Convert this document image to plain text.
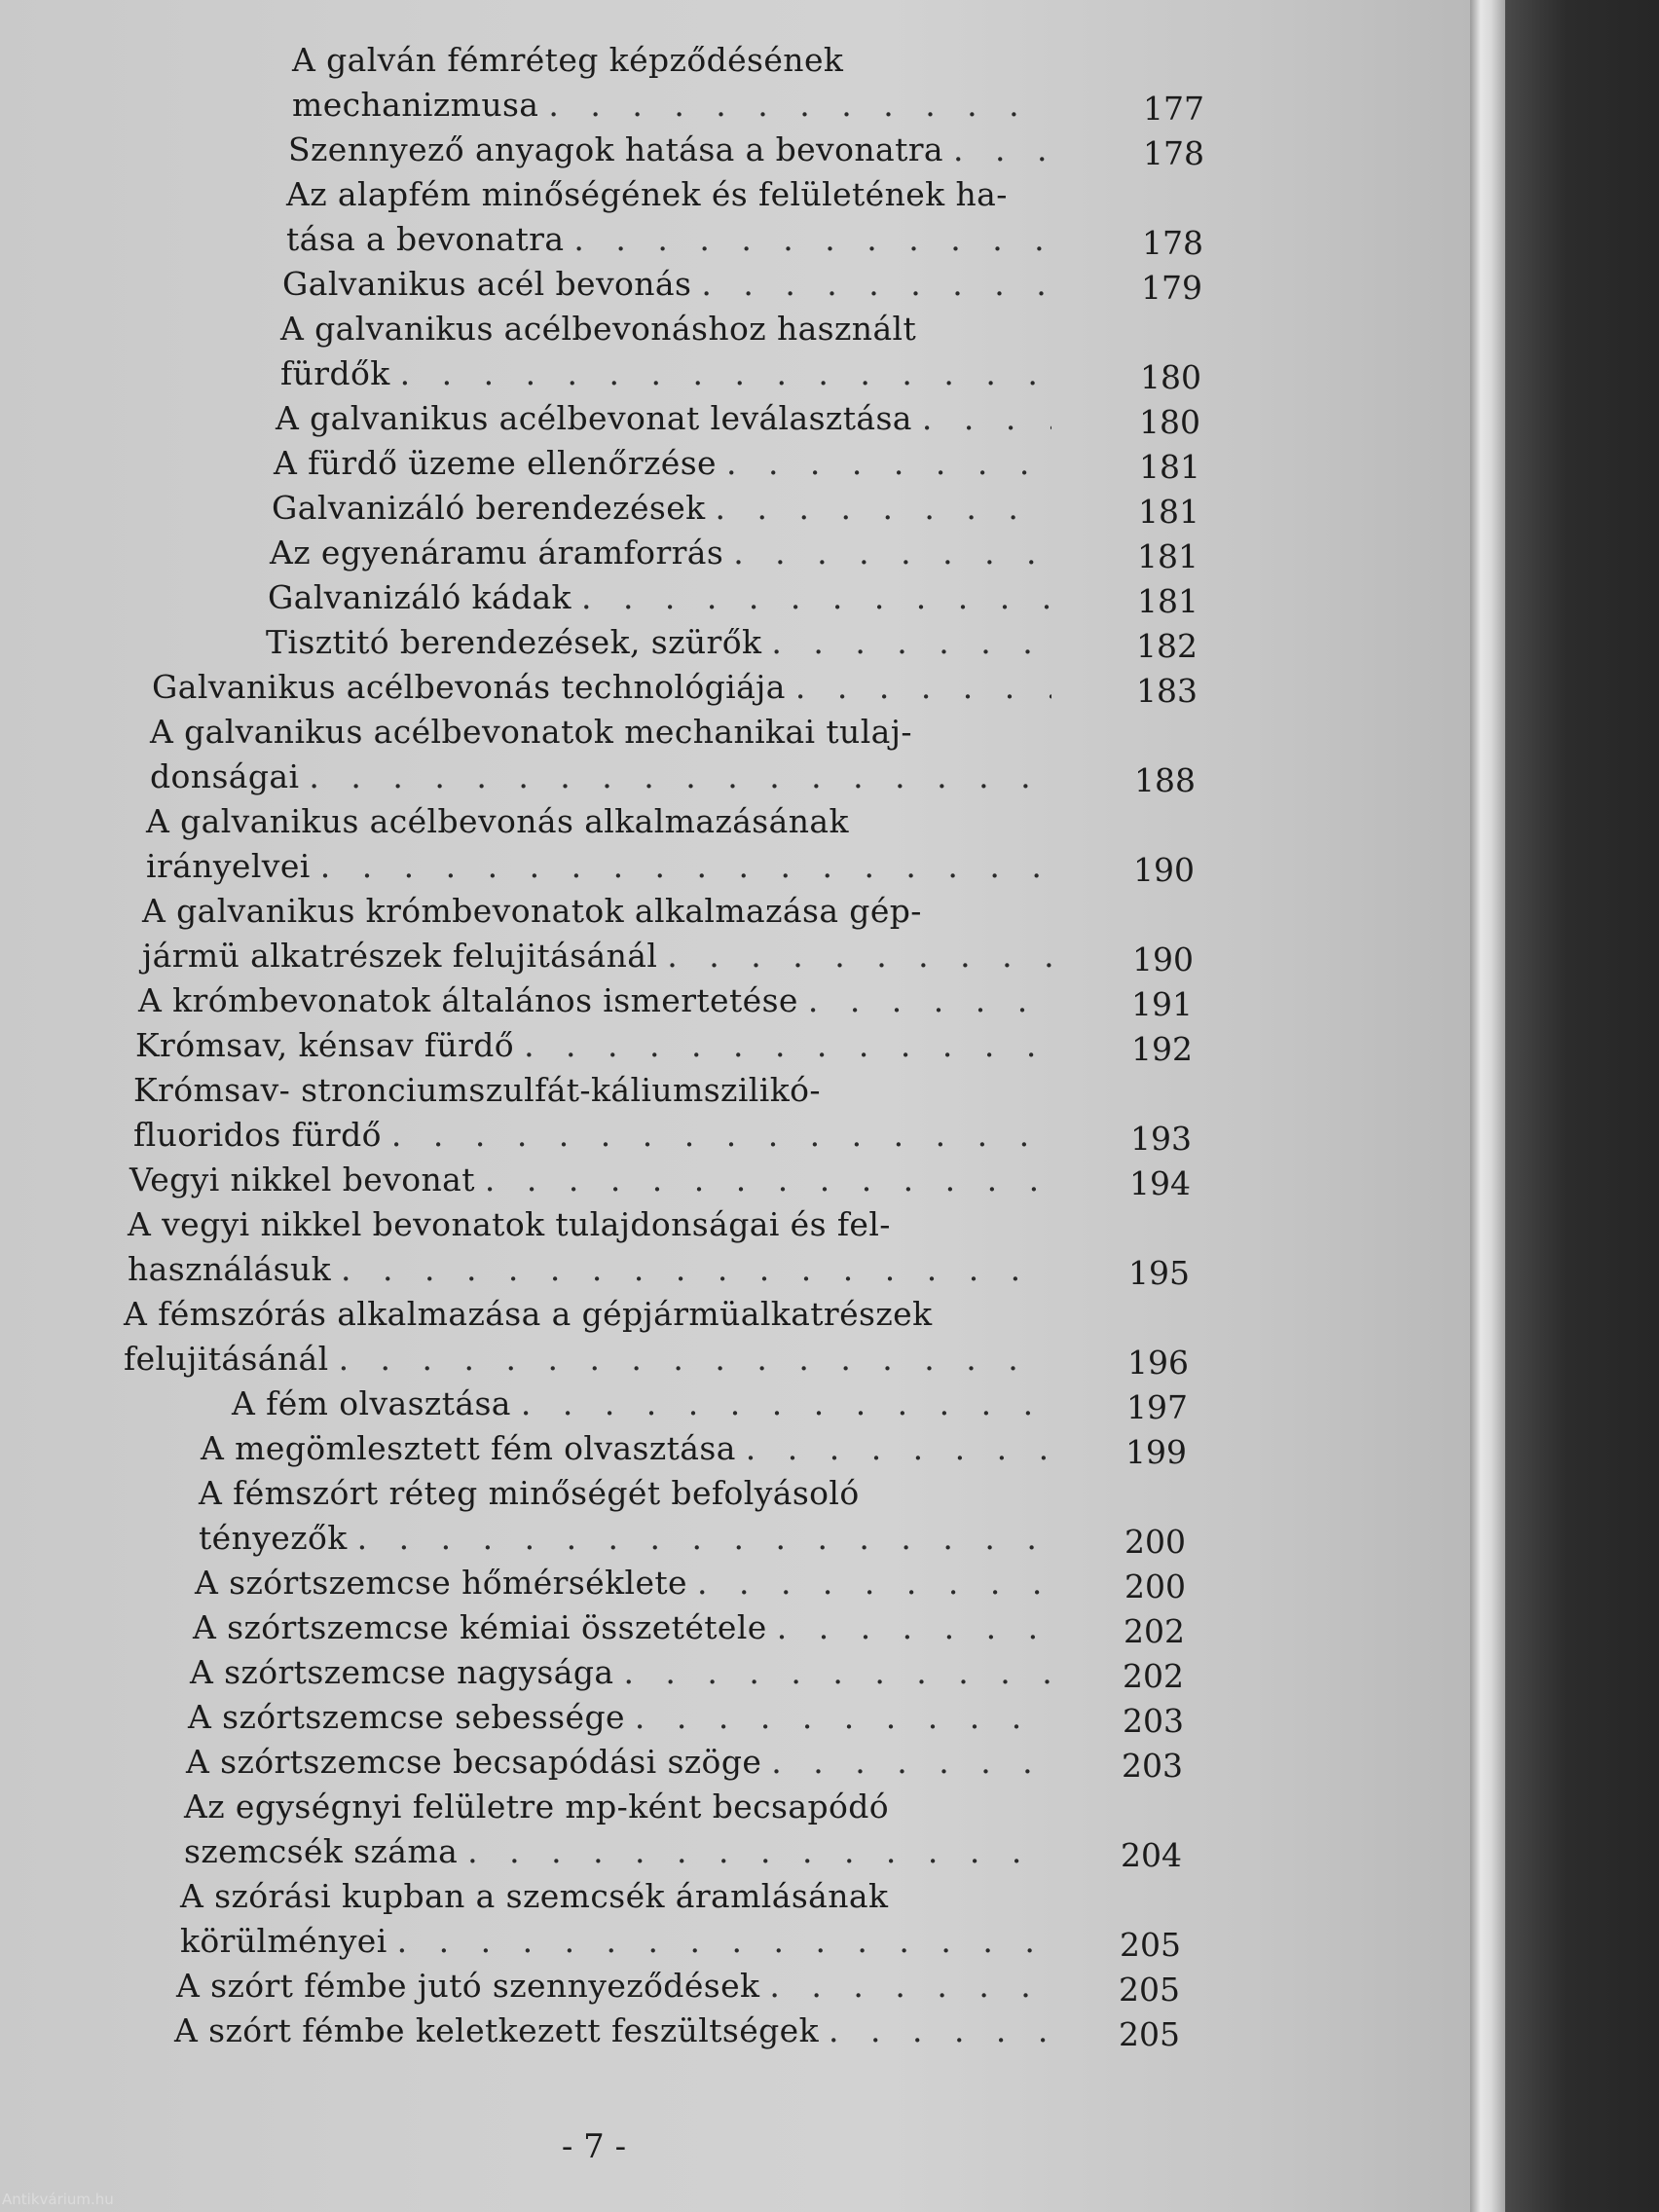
A galván fémréteg képződésének
mechanizmusa . . .	177
Szennyező anyagok hatása a bevonatra . . .	178
Az alapfém minőségének és felületének ha-
tása a bevonatra . . .	178
Galvanikus acél bevonás . . .	179
A galvanikus acélbevonáshoz használt
fürdők . . .	180
A galvanikus acélbevonat leválasztása . . .	180
A fürdő üzeme ellenőrzése . . .	181
Galvanizáló berendezések . . .	181
Az egyenáramu áramforrás . . .	181
Galvanizáló kádak . . .	181
Tisztitó berendezések, szürők . . .	182
Galvanikus acélbevonás technológiája . . .	183
A galvanikus acélbevonatok mechanikai tulaj-
donságai . . .	188
A galvanikus acélbevonás alkalmazásának
irányelvei . . .	190
A galvanikus krómbevonatok alkalmazása gép-
jármü alkatrészek felujitásánál . . .	190
A krómbevonatok általános ismertetése . . .	191
Krómsav, kénsav fürdő . . .	192
Krómsav- stronciumszulfát-káliumszilikó-
fluoridos fürdő . . .	193
Vegyi nikkel bevonat . . .	194
A vegyi nikkel bevonatok tulajdonságai és fel-
használásuk . . .	195
A fémszórás alkalmazása a gépjármüalkatrészek
felujitásánál . . .	196
A fém olvasztása . . .	197
A megömlesztett fém olvasztása . . .	199
A fémszórt réteg minőségét befolyásoló
tényezők . . .	200
A szórtszemcse hőmérséklete . . .	200
A szórtszemcse kémiai összetétele . . .	202
A szórtszemcse nagysága . . .	202
A szórtszemcse sebessége . . .	203
A szórtszemcse becsapódási szöge . . .	203
Az egységnyi felületre mp-ként becsapódó
szemcsék száma . . .	204
A szórási kupban a szemcsék áramlásának
körülményei . . .	205
A szórt fémbe jutó szennyeződések . . .	205
A szórt fémbe keletkezett feszültségek . . .	205
- 7 -
Antikvárium.hu
